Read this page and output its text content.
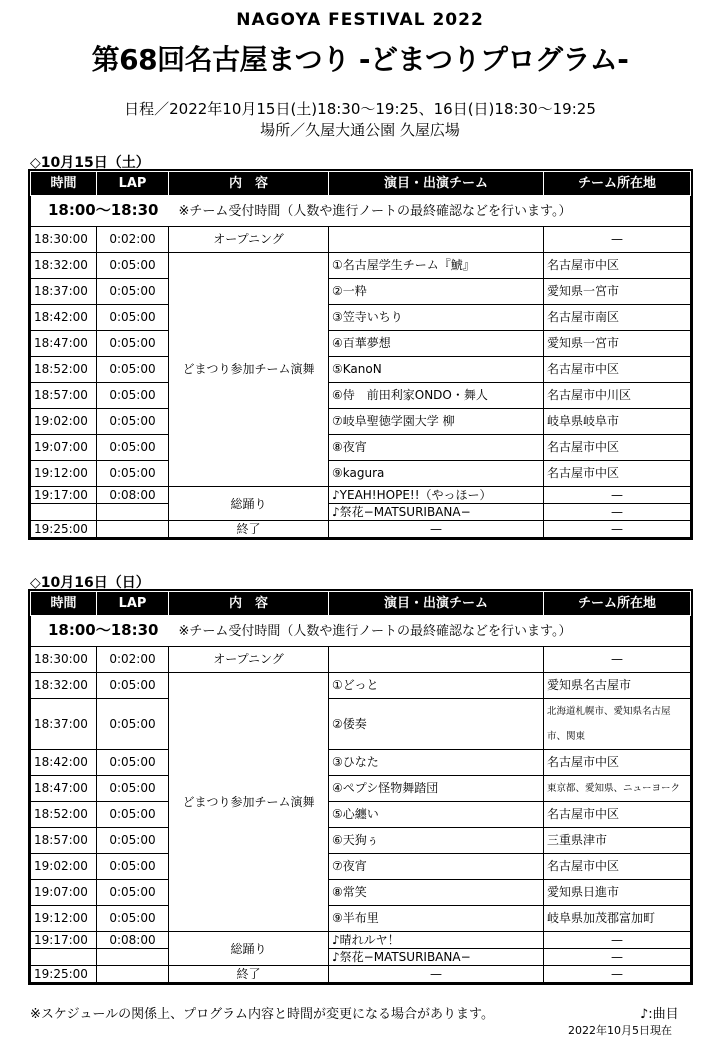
NAGOYA FESTIVAL 2022
第68回名古屋まつり -どまつりプログラム-
日程／2022年10月15日(土)18:30〜19:25、16日(日)18:30〜19:25
場所／久屋大通公園 久屋広場
◇10月15日（土）
時間	LAP	内　容	演目・出演チーム	チーム所在地
18:00〜18:30 ※チーム受付時間（人数や進行ノートの最終確認などを行います。）				
18:30:00	0:02:00	オープニング		—
18:32:00	0:05:00	どまつり参加チーム演舞	①名古屋学生チーム『鯱』	名古屋市中区
18:37:00	0:05:00		②一粋	愛知県一宮市
18:42:00	0:05:00		③笠寺いちり	名古屋市南区
18:47:00	0:05:00		④百華夢想	愛知県一宮市
18:52:00	0:05:00		⑤KanoN	名古屋市中区
18:57:00	0:05:00		⑥侍　前田利家ONDO・舞人	名古屋市中川区
19:02:00	0:05:00		⑦岐阜聖徳学園大学 柳	岐阜県岐阜市
19:07:00	0:05:00		⑧夜宵	名古屋市中区
19:12:00	0:05:00		⑨kagura	名古屋市中区
19:17:00	0:08:00	総踊り	♪YEAH!HOPE!!（やっほー）	—
			♪祭花−MATSURIBANA−	—
19:25:00		終了	—	—
◇10月16日（日）
時間	LAP	内　容	演目・出演チーム	チーム所在地
18:00〜18:30 ※チーム受付時間（人数や進行ノートの最終確認などを行います。）				
18:30:00	0:02:00	オープニング		—
18:32:00	0:05:00	どまつり参加チーム演舞	①どっと	愛知県名古屋市
18:37:00	0:05:00		②倭奏	北海道札幌市、愛知県名古屋市、関東
18:42:00	0:05:00		③ひなた	名古屋市中区
18:47:00	0:05:00		④ペプシ怪物舞踏団	東京都、愛知県、ニューヨーク
18:52:00	0:05:00		⑤心纏い	名古屋市中区
18:57:00	0:05:00		⑥天狗ぅ	三重県津市
19:02:00	0:05:00		⑦夜宵	名古屋市中区
19:07:00	0:05:00		⑧常笑	愛知県日進市
19:12:00	0:05:00		⑨半布里	岐阜県加茂郡富加町
19:17:00	0:08:00	総踊り	♪晴れルヤ！	—
			♪祭花−MATSURIBANA−	—
19:25:00		終了	—	—
※スケジュールの関係上、プログラム内容と時間が変更になる場合があります。	♪:曲目
2022年10月5日現在
